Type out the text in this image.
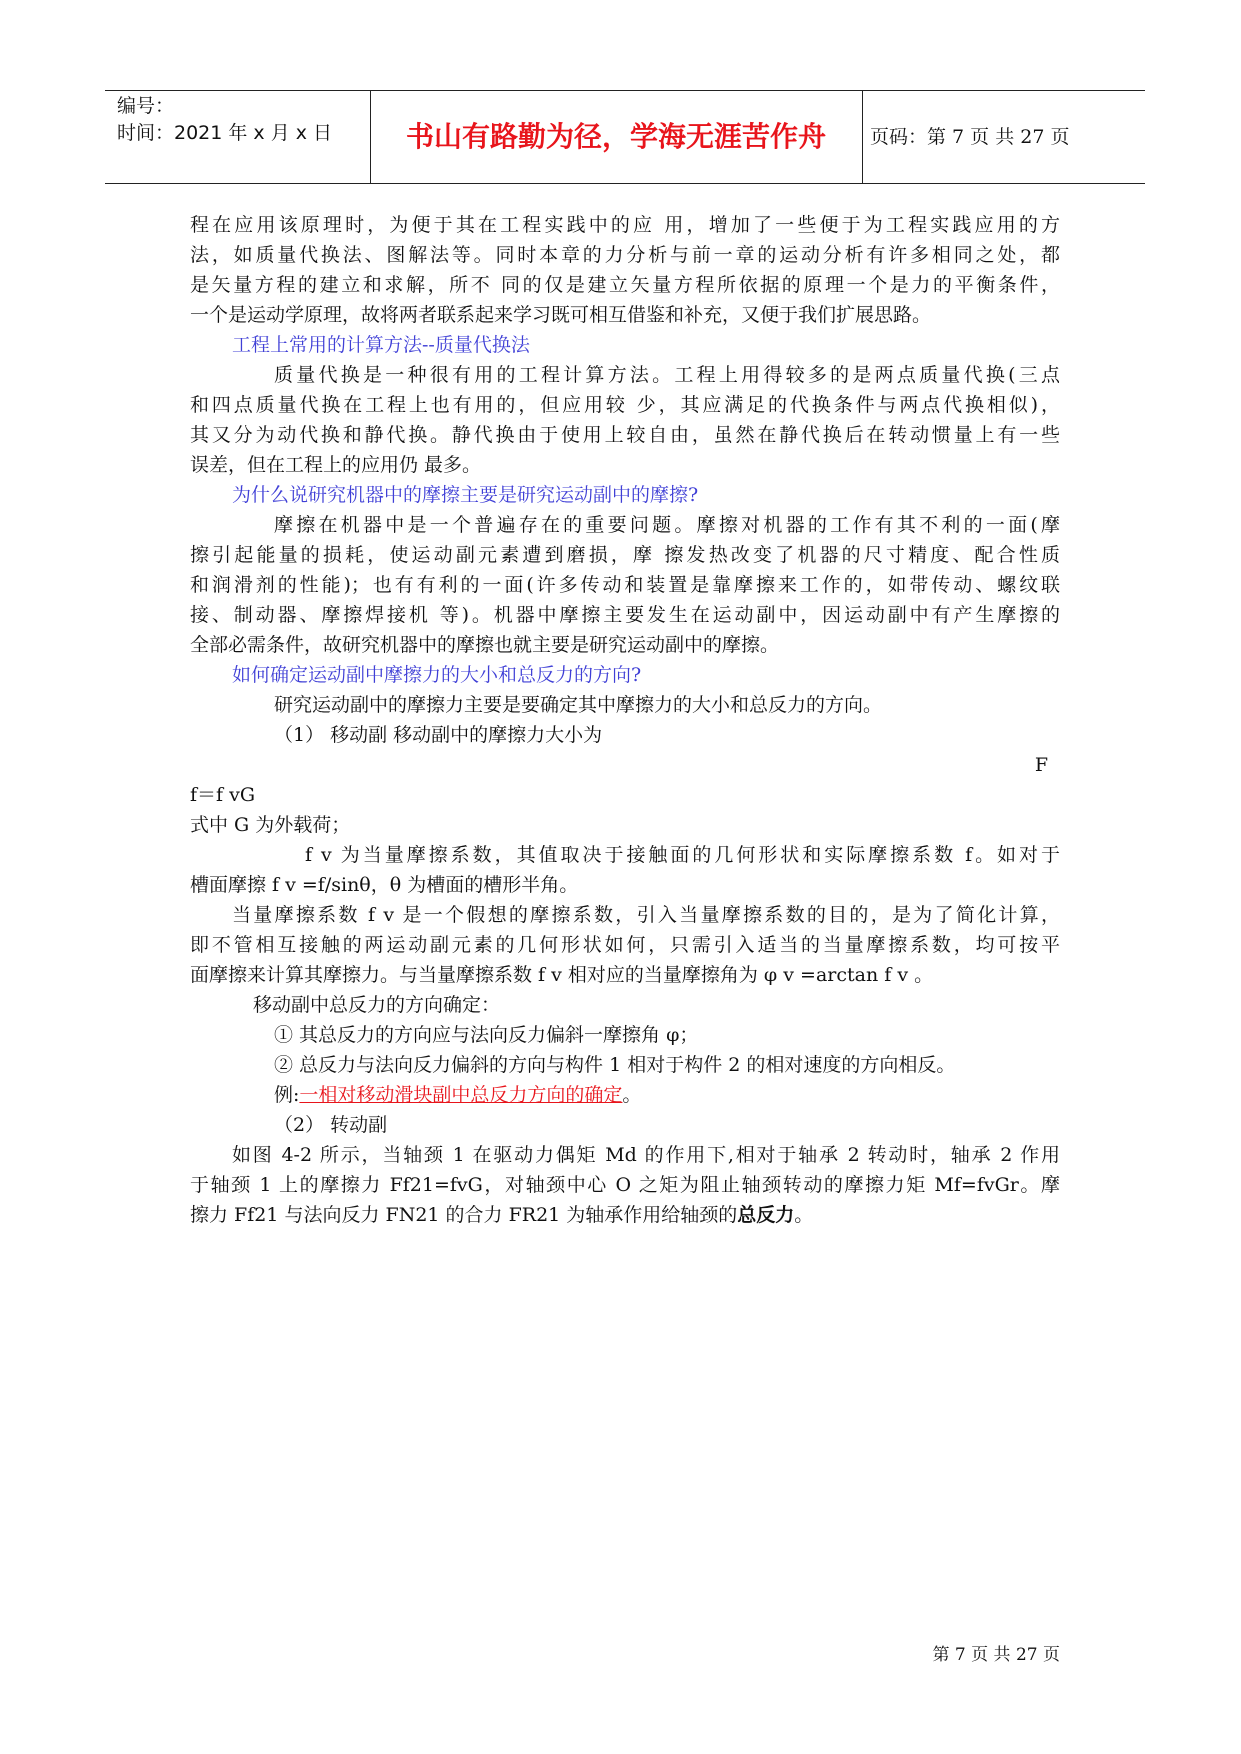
编号：
时间：2021 年 x 月 x 日	书山有路勤为径，学海无涯苦作舟	页码：第 7 页 共 27 页
程在应用该原理时，为便于其在工程实践中的应 用，增加了一些便于为工程实践应用的方
法，如质量代换法、图解法等。同时本章的力分析与前一章的运动分析有许多相同之处，都
是矢量方程的建立和求解，所不 同的仅是建立矢量方程所依据的原理一个是力的平衡条件，
一个是运动学原理，故将两者联系起来学习既可相互借鉴和补充，又便于我们扩展思路。
工程上常用的计算方法--质量代换法
质量代换是一种很有用的工程计算方法。工程上用得较多的是两点质量代换(三点
和四点质量代换在工程上也有用的，但应用较 少，其应满足的代换条件与两点代换相似)，
其又分为动代换和静代换。静代换由于使用上较自由，虽然在静代换后在转动惯量上有一些
误差，但在工程上的应用仍 最多。
为什么说研究机器中的摩擦主要是研究运动副中的摩擦?
摩擦在机器中是一个普遍存在的重要问题。摩擦对机器的工作有其不利的一面(摩
擦引起能量的损耗，使运动副元素遭到磨损，摩 擦发热改变了机器的尺寸精度、配合性质
和润滑剂的性能)；也有有利的一面(许多传动和装置是靠摩擦来工作的，如带传动、螺纹联
接、制动器、摩擦焊接机 等)。机器中摩擦主要发生在运动副中，因运动副中有产生摩擦的
全部必需条件，故研究机器中的摩擦也就主要是研究运动副中的摩擦。
如何确定运动副中摩擦力的大小和总反力的方向?
研究运动副中的摩擦力主要是要确定其中摩擦力的大小和总反力的方向。
（1） 移动副 移动副中的摩擦力大小为
F
f＝f vG
式中 G 为外载荷；
f v 为当量摩擦系数，其值取决于接触面的几何形状和实际摩擦系数 f。如对于
槽面摩擦 f v =f/sinθ，θ 为槽面的槽形半角。
当量摩擦系数 f v 是一个假想的摩擦系数，引入当量摩擦系数的目的，是为了简化计算，
即不管相互接触的两运动副元素的几何形状如何，只需引入适当的当量摩擦系数，均可按平
面摩擦来计算其摩擦力。与当量摩擦系数 f v 相对应的当量摩擦角为 φ v =arctan f v 。
移动副中总反力的方向确定：
① 其总反力的方向应与法向反力偏斜一摩擦角 φ；
② 总反力与法向反力偏斜的方向与构件 1 相对于构件 2 的相对速度的方向相反。
例:一相对移动滑块副中总反力方向的确定。
（2） 转动副
如图 4-2 所示，当轴颈 1 在驱动力偶矩 Md 的作用下,相对于轴承 2 转动时，轴承 2 作用
于轴颈 1 上的摩擦力 Ff21=fvG，对轴颈中心 O 之矩为阻止轴颈转动的摩擦力矩 Mf=fvGr。摩
擦力 Ff21 与法向反力 FN21 的合力 FR21 为轴承作用给轴颈的总反力。
第 7 页 共 27 页
